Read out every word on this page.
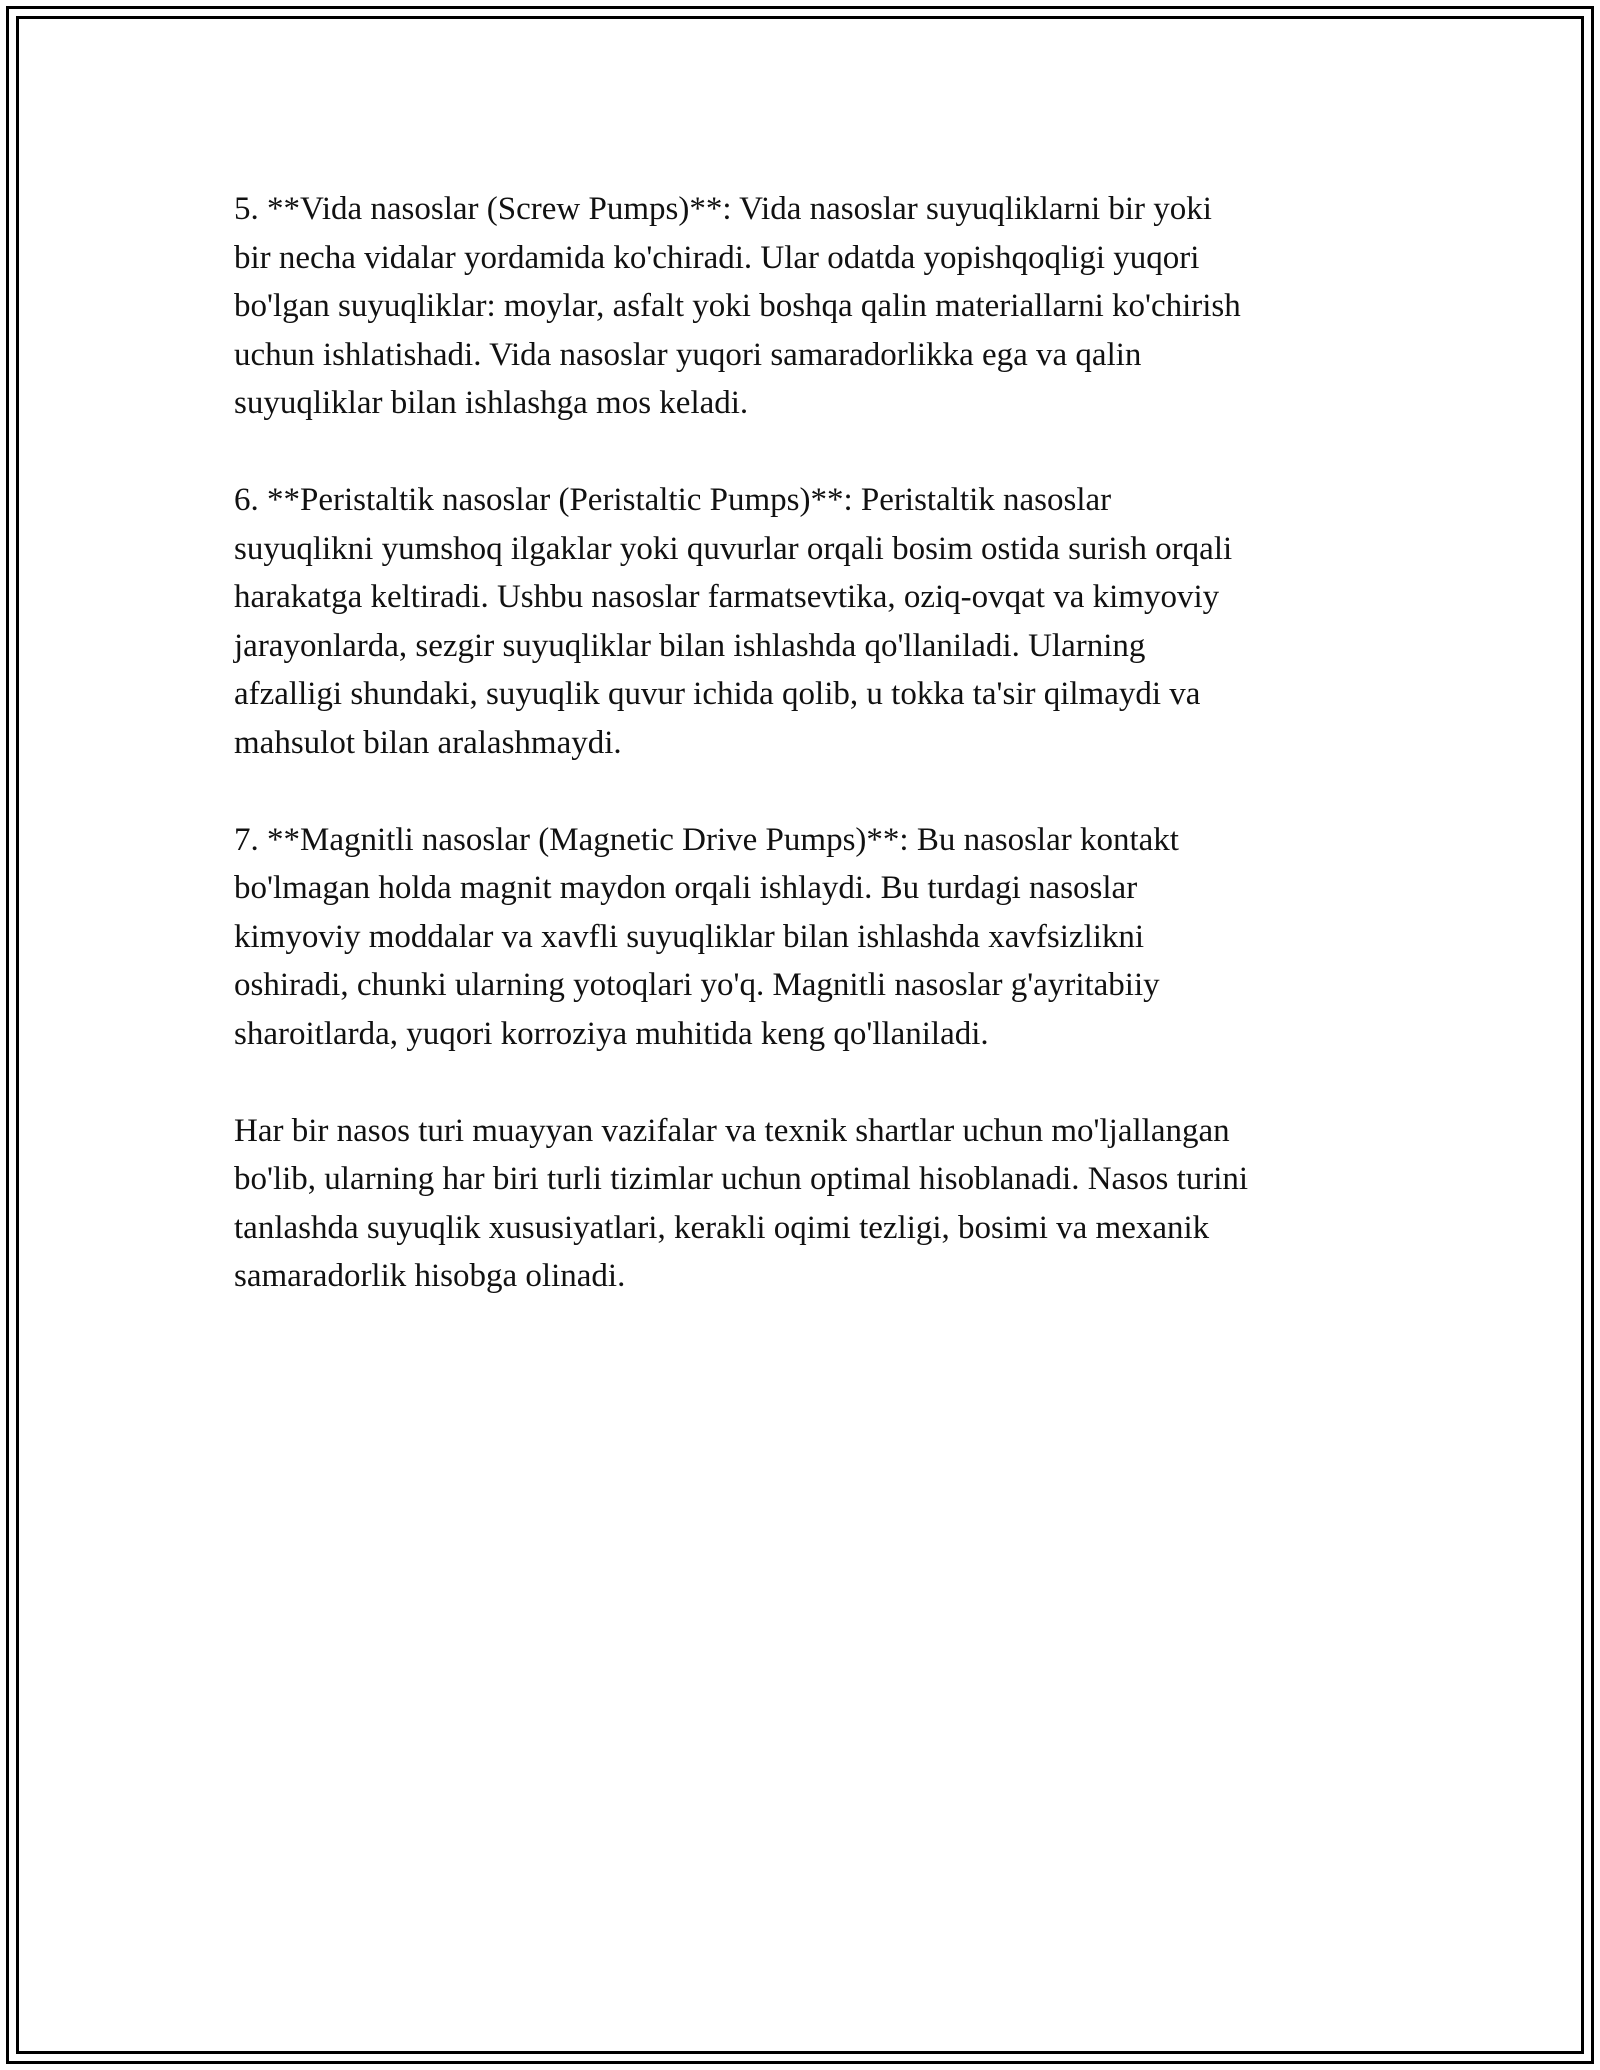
5. **Vida nasoslar (Screw Pumps)**: Vida nasoslar suyuqliklarni bir yoki
bir necha vidalar yordamida ko'chiradi. Ular odatda yopishqoqligi yuqori
bo'lgan suyuqliklar: moylar, asfalt yoki boshqa qalin materiallarni ko'chirish
uchun ishlatishadi. Vida nasoslar yuqori samaradorlikka ega va qalin
suyuqliklar bilan ishlashga mos keladi.

6. **Peristaltik nasoslar (Peristaltic Pumps)**: Peristaltik nasoslar
suyuqlikni yumshoq ilgaklar yoki quvurlar orqali bosim ostida surish orqali
harakatga keltiradi. Ushbu nasoslar farmatsevtika, oziq-ovqat va kimyoviy
jarayonlarda, sezgir suyuqliklar bilan ishlashda qo'llaniladi. Ularning
afzalligi shundaki, suyuqlik quvur ichida qolib, u tokka ta'sir qilmaydi va
mahsulot bilan aralashmaydi.

7. **Magnitli nasoslar (Magnetic Drive Pumps)**: Bu nasoslar kontakt
bo'lmagan holda magnit maydon orqali ishlaydi. Bu turdagi nasoslar
kimyoviy moddalar va xavfli suyuqliklar bilan ishlashda xavfsizlikni
oshiradi, chunki ularning yotoqlari yo'q. Magnitli nasoslar g'ayritabiiy
sharoitlarda, yuqori korroziya muhitida keng qo'llaniladi.

Har bir nasos turi muayyan vazifalar va texnik shartlar uchun mo'ljallangan
bo'lib, ularning har biri turli tizimlar uchun optimal hisoblanadi. Nasos turini
tanlashda suyuqlik xususiyatlari, kerakli oqimi tezligi, bosimi va mexanik
samaradorlik hisobga olinadi.
